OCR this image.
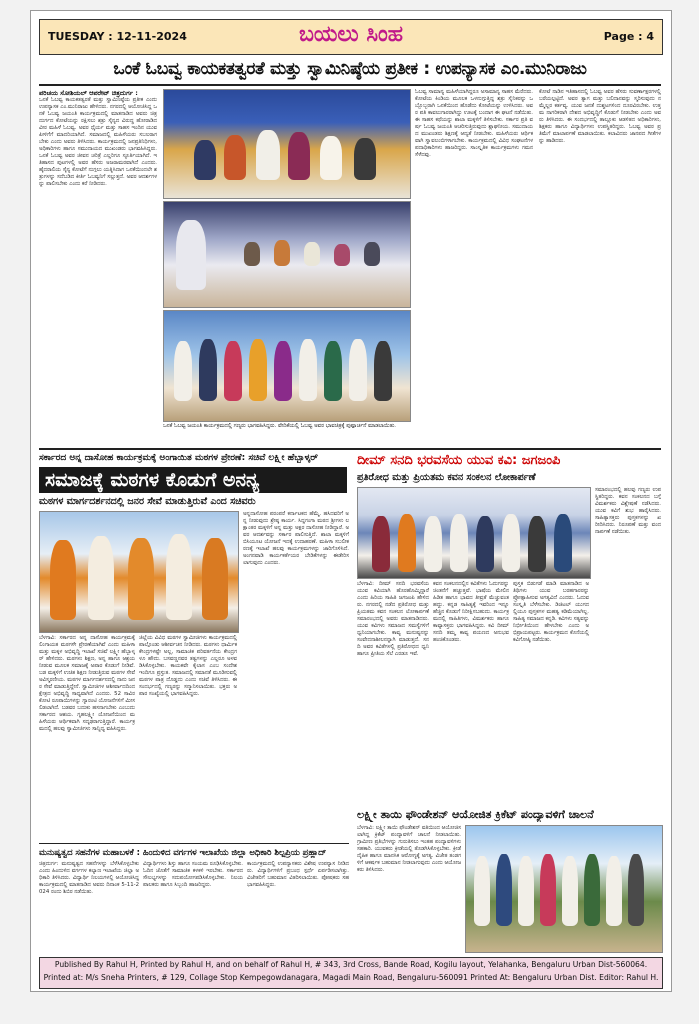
TUESDAY : 12-11-2024	ಬಯಲು ಸಿಂಹ	Page : 4
ಒಂಕೆ ಓಬವ್ವ ಕಾಯಕತತ್ವರತೆ ಮತ್ತು ಸ್ವಾಮಿನಿಷ್ಠೆಯ ಪ್ರತೀಕ : ಉಪನ್ಯಾಸಕ ಎಂ.ಮುನಿರಾಜು
ಪರಿಚಯ ಸೋಶಿಯಲ್ ಆಪರೇಟ್ ಚಿತ್ರದುರ್ಗ :
ಒನಕೆ ಓಬವ್ವ ಕಾಯಕತತ್ವರತೆ ಮತ್ತು ಸ್ವಾಮಿನಿಷ್ಠೆಯ ಪ್ರತೀಕ ಎಂದು ಉಪನ್ಯಾಸಕ ಎಂ.ಮುನಿರಾಜು ಹೇಳಿದರು. ನಗರದಲ್ಲಿ ಆಯೋಜಿಸಿದ್ದ ಒನಕೆ ಓಬವ್ವ ಜಯಂತಿ ಕಾರ್ಯಕ್ರಮದಲ್ಲಿ ಮಾತನಾಡಿದ ಅವರು ಚಿತ್ರದುರ್ಗದ ಕೋಟೆಯನ್ನು ರಕ್ಷಿಸಲು ಶತ್ರು ಸೈನ್ಯದ ವಿರುದ್ಧ ಹೋರಾಡಿದ ವೀರ ಮಹಿಳೆ ಓಬವ್ವ. ಅವರ ಧೈರ್ಯ ಮತ್ತು ಸಾಹಸ ಇಂದಿನ ಯುವ ಪೀಳಿಗೆಗೆ ಮಾದರಿಯಾಗಿದೆ. ಸಮಾಜದಲ್ಲಿ ಮಹಿಳೆಯರು ಸಬಲರಾಗಬೇಕು ಎಂದು ಅವರು ತಿಳಿಸಿದರು. ಕಾರ್ಯಕ್ರಮದಲ್ಲಿ ಜನಪ್ರತಿನಿಧಿಗಳು, ಅಧಿಕಾರಿಗಳು ಹಾಗೂ ಸಮುದಾಯದ ಮುಖಂಡರು ಭಾಗವಹಿಸಿದ್ದರು. ಒನಕೆ ಓಬವ್ವ ಅವರ ಜೀವನ ಚರಿತ್ರೆ ಎಲ್ಲರಿಗೂ ಸ್ಫೂರ್ತಿಯಾಗಿದೆ. ಇತಿಹಾಸದ ಪುಟಗಳಲ್ಲಿ ಅವರ ಹೆಸರು ಅಜರಾಮರವಾಗಿದೆ ಎಂದರು. ಹೈದರಾಲಿಯ ಸೈನ್ಯ ಕೋಟೆಗೆ ನುಗ್ಗಲು ಯತ್ನಿಸಿದಾಗ ಒನಕೆಯಿಂದಲೇ ಶತ್ರುಗಳನ್ನು ಸದೆಬಡಿದ ಕೀರ್ತಿ ಓಬವ್ವನಿಗೆ ಸಲ್ಲುತ್ತದೆ. ಅವರ ಆದರ್ಶಗಳನ್ನು ಪಾಲಿಸಬೇಕು ಎಂದು ಕರೆ ನೀಡಿದರು.
ಒನಕೆ ಓಬವ್ವ ಜಯಂತಿ ಕಾರ್ಯಕ್ರಮದಲ್ಲಿ ಗಣ್ಯರು ಭಾಗವಹಿಸಿದ್ದರು. ವೇದಿಕೆಯಲ್ಲಿ ಓಬವ್ವ ಅವರ ಭಾವಚಿತ್ರಕ್ಕೆ ಪುಷ್ಪಾರ್ಚನೆ ಮಾಡಲಾಯಿತು.
ಓಬವ್ವ ಸಾಮಾನ್ಯ ಮಹಿಳೆಯಾಗಿದ್ದರೂ ಅಸಾಮಾನ್ಯ ಸಾಹಸ ಮೆರೆದರು. ಕೋಟೆಯ ಕಿಂಡಿಯ ಮೂಲಕ ಒಳನುಗ್ಗುತ್ತಿದ್ದ ಶತ್ರು ಸೈನಿಕರನ್ನು ಒಬ್ಬೊಬ್ಬರಾಗಿ ಒನಕೆಯಿಂದ ಹೊಡೆದು ಕೋಟೆಯನ್ನು ಉಳಿಸಿದರು. ಅವರ ಪತಿ ಕಾವಲುಗಾರರಾಗಿದ್ದು ಊಟಕ್ಕೆ ಬಂದಾಗ ಈ ಘಟನೆ ನಡೆಯಿತು. ಈ ಸಾಹಸ ಕಥೆಯನ್ನು ಶಾಲಾ ಮಕ್ಕಳಿಗೆ ತಿಳಿಸಬೇಕು. ಸರ್ಕಾರ ಪ್ರತಿ ವರ್ಷ ಓಬವ್ವ ಜಯಂತಿ ಆಚರಿಸುತ್ತಿರುವುದು ಶ್ಲಾಘನೀಯ. ಸಮುದಾಯದ ಮುಖಂಡರು ಶಿಕ್ಷಣಕ್ಕೆ ಆದ್ಯತೆ ನೀಡಬೇಕು. ಮಹಿಳೆಯರು ಆರ್ಥಿಕವಾಗಿ ಸ್ವಾವಲಂಬಿಗಳಾಗಬೇಕು. ಕಾರ್ಯಕ್ರಮದಲ್ಲಿ ವಿವಿಧ ಸಂಘಟನೆಗಳ ಪದಾಧಿಕಾರಿಗಳು ಹಾಜರಿದ್ದರು. ಸಾಂಸ್ಕೃತಿಕ ಕಾರ್ಯಕ್ರಮಗಳು ಗಮನ ಸೆಳೆದವು.
ಕೋಟೆ ನಾಡಿನ ಇತಿಹಾಸದಲ್ಲಿ ಓಬವ್ವ ಅವರ ಹೆಸರು ಸುವರ್ಣಾಕ್ಷರಗಳಲ್ಲಿ ಬರೆಯಲ್ಪಟ್ಟಿದೆ. ಅವರ ತ್ಯಾಗ ಮತ್ತು ಬಲಿದಾನವನ್ನು ಸ್ಮರಿಸುವುದು ನಮ್ಮೆಲ್ಲರ ಕರ್ತವ್ಯ. ಯುವ ಜನತೆ ದುಶ್ಚಟಗಳಿಂದ ದೂರವಿರಬೇಕು. ಉತ್ತಮ ನಾಗರಿಕರಾಗಿ ದೇಶದ ಅಭಿವೃದ್ಧಿಗೆ ಕೊಡುಗೆ ನೀಡಬೇಕು ಎಂದು ಅವರು ತಿಳಿಸಿದರು. ಈ ಸಂದರ್ಭದಲ್ಲಿ ತಾಲ್ಲೂಕು ಆಡಳಿತದ ಅಧಿಕಾರಿಗಳು, ಶಿಕ್ಷಕರು ಹಾಗೂ ವಿದ್ಯಾರ್ಥಿಗಳು ಉಪಸ್ಥಿತರಿದ್ದರು. ಓಬವ್ವ ಅವರ ಪ್ರತಿಮೆಗೆ ಮಾಲಾರ್ಪಣೆ ಮಾಡಲಾಯಿತು. ಕಲಾವಿದರು ಜಾನಪದ ಗೀತೆಗಳನ್ನು ಹಾಡಿದರು.
ಸರ್ಕಾರದ ಅನ್ನ ದಾಸೋಹ ಕಾರ್ಯಕ್ರಮಕ್ಕೆ ಅಂಗಾಯಿತ ಮಠಗಳ ಪ್ರೇರಣೆ: ಸಚಿವೆ ಲಕ್ಷ್ಮೀ ಹೆಬ್ಬಾಳ್ಕರ್
ಸಮಾಜಕ್ಕೆ ಮಠಗಳ ಕೊಡುಗೆ ಅನನ್ಯ
ಮಠಗಳ ಮಾರ್ಗದರ್ಶನದಲ್ಲಿ ಜನರ ಸೇವೆ ಮಾಡುತ್ತಿರುವೆ ಎಂದ ಸಚಿವರು
ಬೆಳಗಾವಿ: ಸರ್ಕಾರದ ಅನ್ನ ದಾಸೋಹ ಕಾರ್ಯಕ್ರಮಕ್ಕೆ ಲಿಂಗಾಯತ ಮಠಗಳೇ ಪ್ರೇರಣೆಯಾಗಿವೆ ಎಂದು ಮಹಿಳಾ ಮತ್ತು ಮಕ್ಕಳ ಅಭಿವೃದ್ಧಿ ಇಲಾಖೆ ಸಚಿವೆ ಲಕ್ಷ್ಮೀ ಹೆಬ್ಬಾಳ್ಕರ್ ಹೇಳಿದರು. ಮಠಗಳು ಶಿಕ್ಷಣ, ಅನ್ನ ಹಾಗೂ ಆಶ್ರಯ ನೀಡುವ ಮೂಲಕ ಸಮಾಜಕ್ಕೆ ಅಪಾರ ಕೊಡುಗೆ ನೀಡಿವೆ. ಬಡ ಮಕ್ಕಳಿಗೆ ಉಚಿತ ಶಿಕ್ಷಣ ನೀಡುತ್ತಿರುವ ಮಠಗಳ ಸೇವೆ ಅವಿಸ್ಮರಣೀಯ. ಮಠಗಳ ಮಾರ್ಗದರ್ಶನದಲ್ಲಿ ನಾನು ಜನರ ಸೇವೆ ಮಾಡುತ್ತಿದ್ದೇನೆ. ಸ್ವಾಮೀಜಿಗಳ ಆಶೀರ್ವಾದದಿಂದ ಕ್ಷೇತ್ರದ ಅಭಿವೃದ್ಧಿ ಸಾಧ್ಯವಾಗಿದೆ ಎಂದರು. 52 ಸಾವಿರ ಕೋಟಿ ರೂಪಾಯಿಗಳನ್ನು ಗ್ಯಾರಂಟಿ ಯೋಜನೆಗಳಿಗೆ ಮೀಸಲಿಡಲಾಗಿದೆ. ಬಡವರ ಬದುಕು ಹಸನಾಗಬೇಕು ಎಂಬುದು ಸರ್ಕಾರದ ಆಶಯ. ಗೃಹಲಕ್ಷ್ಮೀ ಯೋಜನೆಯಿಂದ ಮಹಿಳೆಯರು ಆರ್ಥಿಕವಾಗಿ ಸದೃಢರಾಗುತ್ತಿದ್ದಾರೆ. ಕಾರ್ಯಕ್ರಮದಲ್ಲಿ ಹಲವು ಸ್ವಾಮೀಜಿಗಳು ಸಾನ್ನಿಧ್ಯ ವಹಿಸಿದ್ದರು.
ಜಿಲ್ಲೆಯ ವಿವಿಧ ಮಠಗಳ ಸ್ವಾಮೀಜಿಗಳು ಕಾರ್ಯಕ್ರಮದಲ್ಲಿ ಪಾಲ್ಗೊಂಡು ಆಶೀರ್ವಚನ ನೀಡಿದರು. ಮಠಗಳು ಧಾರ್ಮಿಕ ಕೇಂದ್ರಗಳಷ್ಟೇ ಅಲ್ಲ, ಸಾಮಾಜಿಕ ಪರಿವರ್ತನೆಯ ಕೇಂದ್ರಗಳೂ ಹೌದು. ಬಸವಣ್ಣನವರ ತತ್ವಗಳನ್ನು ಎಲ್ಲರೂ ಅಳವಡಿಸಿಕೊಳ್ಳಬೇಕು. ಕಾಯಕವೇ ಕೈಲಾಸ ಎಂಬ ಸಂದೇಶ ಇಂದಿಗೂ ಪ್ರಸ್ತುತ. ಸಮಾಜದಲ್ಲಿ ಸಮಾನತೆ ಮೂಡಿಸುವಲ್ಲಿ ಮಠಗಳ ಪಾತ್ರ ದೊಡ್ಡದು ಎಂದು ಸಚಿವೆ ತಿಳಿಸಿದರು. ಈ ಸಂದರ್ಭದಲ್ಲಿ ಗಣ್ಯರನ್ನು ಸನ್ಮಾನಿಸಲಾಯಿತು. ಭಕ್ತರು ಅಪಾರ ಸಂಖ್ಯೆಯಲ್ಲಿ ಭಾಗವಹಿಸಿದ್ದರು.
ಅನ್ನದಾಸೋಹ ಪರಂಪರೆ ಕರ್ನಾಟಕದ ಹೆಮ್ಮೆ. ಹಸಿದವರಿಗೆ ಅನ್ನ ನೀಡುವುದು ಶ್ರೇಷ್ಠ ಕಾರ್ಯ. ಸಿದ್ದಗಂಗಾ ಮಠದ ಶ್ರೀಗಳು ಲಕ್ಷಾಂತರ ಮಕ್ಕಳಿಗೆ ಅನ್ನ ಮತ್ತು ಅಕ್ಷರ ದಾಸೋಹ ನೀಡಿದ್ದಾರೆ. ಅವರ ಆದರ್ಶವನ್ನು ಸರ್ಕಾರ ಪಾಲಿಸುತ್ತಿದೆ. ಶಾಲಾ ಮಕ್ಕಳಿಗೆ ಬಿಸಿಯೂಟ ಯೋಜನೆ ಇದಕ್ಕೆ ಉದಾಹರಣೆ. ಮಹಿಳಾ ಸಬಲೀಕರಣಕ್ಕೆ ಇಲಾಖೆ ಹಲವು ಕಾರ್ಯಕ್ರಮಗಳನ್ನು ಜಾರಿಗೊಳಿಸಿದೆ. ಅಂಗನವಾಡಿ ಕಾರ್ಯಕರ್ತೆಯರ ಬೇಡಿಕೆಗಳನ್ನು ಈಡೇರಿಸಲಾಗುವುದು ಎಂದರು.
ದೀಮ್ ಸನದಿ ಭರವಸೆಯ ಯುವ ಕವಿ: ಜಗಜಂಪಿ
ಪ್ರತಿರೋಧ ಮತ್ತು ಪ್ರಿಯತಮ ಕವನ ಸಂಕಲನ ಲೋಕಾರ್ಪಣೆ
ಬೆಳಗಾವಿ: ದೀಮ್ ಸನದಿ ಭರವಸೆಯ ಯುವ ಕವಿಯಾಗಿ ಹೊರಹೊಮ್ಮಿದ್ದಾರೆ ಎಂದು ಹಿರಿಯ ಸಾಹಿತಿ ಜಗಜಂಪಿ ಹೇಳಿದರು. ನಗರದಲ್ಲಿ ನಡೆದ ಪ್ರತಿರೋಧ ಮತ್ತು ಪ್ರಿಯತಮ ಕವನ ಸಂಕಲನ ಲೋಕಾರ್ಪಣೆ ಸಮಾರಂಭದಲ್ಲಿ ಅವರು ಮಾತನಾಡಿದರು. ಯುವ ಕವಿಗಳು ಸಮಾಜದ ಸಮಸ್ಯೆಗಳಿಗೆ ಧ್ವನಿಯಾಗಬೇಕು. ಕಾವ್ಯ ಮನುಷ್ಯನನ್ನು ಸಂವೇದನಾಶೀಲನನ್ನಾಗಿ ಮಾಡುತ್ತದೆ. ಸನದಿ ಅವರ ಕವಿತೆಗಳಲ್ಲಿ ಪ್ರತಿರೋಧದ ಧ್ವನಿ ಹಾಗೂ ಪ್ರೀತಿಯ ಸೆಲೆ ಎರಡೂ ಇವೆ.
ಕವನ ಸಂಕಲನದಲ್ಲಿನ ಕವಿತೆಗಳು ಓದುಗರನ್ನು ಚಿಂತನೆಗೆ ಹಚ್ಚುತ್ತವೆ. ಭಾಷೆಯ ಮೇಲಿನ ಹಿಡಿತ ಹಾಗೂ ಭಾವದ ತೀವ್ರತೆ ಮೆಚ್ಚುವಂತಹದ್ದು. ಕನ್ನಡ ಸಾಹಿತ್ಯಕ್ಕೆ ಇವರಿಂದ ಇನ್ನೂ ಹೆಚ್ಚಿನ ಕೊಡುಗೆ ನಿರೀಕ್ಷಿಸಬಹುದು. ಕಾರ್ಯಕ್ರಮದಲ್ಲಿ ಸಾಹಿತಿಗಳು, ವಿಮರ್ಶಕರು ಹಾಗೂ ಕಾವ್ಯಾಸಕ್ತರು ಭಾಗವಹಿಸಿದ್ದರು. ಕವಿ ದೀಮ್ ಸನದಿ ತಮ್ಮ ಕಾವ್ಯ ಪಯಣದ ಅನುಭವ ಹಂಚಿಕೊಂಡರು.
ಪುಸ್ತಕ ಬಿಡುಗಡೆ ಮಾಡಿ ಮಾತನಾಡಿದ ಅತಿಥಿಗಳು ಯುವ ಬರಹಗಾರರನ್ನು ಪ್ರೋತ್ಸಾಹಿಸುವ ಅಗತ್ಯವಿದೆ ಎಂದರು. ಓದುವ ಸಂಸ್ಕೃತಿ ಬೆಳೆಸಬೇಕು. ಡಿಜಿಟಲ್ ಯುಗದಲ್ಲಿಯೂ ಪುಸ್ತಕಗಳ ಮಹತ್ವ ಕಡಿಮೆಯಾಗಿಲ್ಲ. ಸಾಹಿತ್ಯ ಸಮಾಜದ ಕನ್ನಡಿ. ಕವಿಗಳು ಸತ್ಯವನ್ನು ನಿರ್ಭೀತಿಯಿಂದ ಹೇಳಬೇಕು ಎಂದು ಅಭಿಪ್ರಾಯಪಟ್ಟರು. ಕಾರ್ಯಕ್ರಮದ ಕೊನೆಯಲ್ಲಿ ಕವಿಗೋಷ್ಠಿ ನಡೆಯಿತು.
ಸಮಾರಂಭದಲ್ಲಿ ಹಲವು ಗಣ್ಯರು ಉಪಸ್ಥಿತರಿದ್ದರು. ಕವನ ಸಂಕಲನದ ಬಗ್ಗೆ ವಿಮರ್ಶಕರು ವಿಶ್ಲೇಷಣೆ ನಡೆಸಿದರು. ಯುವ ಕವಿಗೆ ಶುಭ ಹಾರೈಸಿದರು. ಸಾಹಿತ್ಯಾಸಕ್ತರು ಪುಸ್ತಕಗಳನ್ನು ಖರೀದಿಸಿದರು. ನಿರೂಪಣೆ ಮತ್ತು ವಂದನಾರ್ಪಣೆ ನಡೆಯಿತು.
ಲಕ್ಷ್ಮೀ ತಾಯಿ ಫೌಂಡೇಶನ್ ಆಯೋಜಿತ ಕ್ರಿಕೆಟ್ ಪಂದ್ಯಾವಳಿಗೆ ಚಾಲನೆ
ಬೆಳಗಾವಿ: ಲಕ್ಷ್ಮೀ ತಾಯಿ ಫೌಂಡೇಶನ್ ವತಿಯಿಂದ ಆಯೋಜಿಸಲಾಗಿದ್ದ ಕ್ರಿಕೆಟ್ ಪಂದ್ಯಾವಳಿಗೆ ಚಾಲನೆ ನೀಡಲಾಯಿತು. ಗ್ರಾಮೀಣ ಪ್ರತಿಭೆಗಳನ್ನು ಗುರುತಿಸಲು ಇಂತಹ ಪಂದ್ಯಾವಳಿಗಳು ಸಹಕಾರಿ. ಯುವಕರು ಕ್ರೀಡೆಯಲ್ಲಿ ತೊಡಗಿಸಿಕೊಳ್ಳಬೇಕು. ಕ್ರೀಡೆ ದೈಹಿಕ ಹಾಗೂ ಮಾನಸಿಕ ಆರೋಗ್ಯಕ್ಕೆ ಅಗತ್ಯ. ವಿಜೇತ ತಂಡಗಳಿಗೆ ಆಕರ್ಷಕ ಬಹುಮಾನ ನೀಡಲಾಗುವುದು ಎಂದು ಆಯೋಜಕರು ತಿಳಿಸಿದರು.
ಮನುಷ್ಯತ್ವದ ಸಹನೆಗಳ ಮಹಾಬಳಕೆ : ಹಿಂದುಳಿದ ವರ್ಗಗಳ ಇಲಾಖೆಯ ಜಿಲ್ಲಾ ಅಧಿಕಾರಿ ಶಿಲ್ಪಪ್ರಿಯ ಪ್ರಹ್ಲಾದ್
ಚಿತ್ರದುರ್ಗ: ಮನುಷ್ಯತ್ವದ ಸಹನೆಗಳನ್ನು ಬೆಳೆಸಿಕೊಳ್ಳಬೇಕು ಎಂದು ಹಿಂದುಳಿದ ವರ್ಗಗಳ ಕಲ್ಯಾಣ ಇಲಾಖೆಯ ಜಿಲ್ಲಾ ಅಧಿಕಾರಿ ತಿಳಿಸಿದರು. ವಿದ್ಯಾರ್ಥಿ ನಿಲಯಗಳಲ್ಲಿ ಆಯೋಜಿಸಿದ್ದ ಕಾರ್ಯಕ್ರಮದಲ್ಲಿ ಮಾತನಾಡಿದ ಅವರು ದಿನಾಂಕ 5-11-2024 ರಂದು ಶಿಬಿರ ನಡೆಯಿತು.
ವಿದ್ಯಾರ್ಥಿಗಳು ಶಿಸ್ತು ಹಾಗೂ ಸಂಯಮ ರೂಢಿಸಿಕೊಳ್ಳಬೇಕು. ಓದಿನ ಜೊತೆಗೆ ಸಾಮಾಜಿಕ ಕಳಕಳಿ ಇರಬೇಕು. ಸರ್ಕಾರದ ಸೌಲಭ್ಯಗಳನ್ನು ಸದುಪಯೋಗಪಡಿಸಿಕೊಳ್ಳಬೇಕು. ನಿಲಯ ಪಾಲಕರು ಹಾಗೂ ಸಿಬ್ಬಂದಿ ಹಾಜರಿದ್ದರು.
ಕಾರ್ಯಕ್ರಮದಲ್ಲಿ ಉಪನ್ಯಾಸಕರು ವಿಶೇಷ ಉಪನ್ಯಾಸ ನೀಡಿದರು. ವಿದ್ಯಾರ್ಥಿಗಳಿಗೆ ಪ್ರಬಂಧ ಸ್ಪರ್ಧೆ ಏರ್ಪಡಿಸಲಾಗಿತ್ತು. ವಿಜೇತರಿಗೆ ಬಹುಮಾನ ವಿತರಿಸಲಾಯಿತು. ಪೋಷಕರು ಸಹ ಭಾಗವಹಿಸಿದ್ದರು.
Published By Rahul H, Printed by Rahul H, and on behalf of Rahul H, # 343, 3rd Cross, Bande Road, Kogilu layout, Yelahanka, Bengaluru Urban Dist-560064.
Printed at: M/s Sneha Printers, # 129, Collage Stop Kempegowdanagara, Magadi Main Road, Bengaluru-560091 Printed At: Bengaluru Urban Dist. Editor: Rahul H.
